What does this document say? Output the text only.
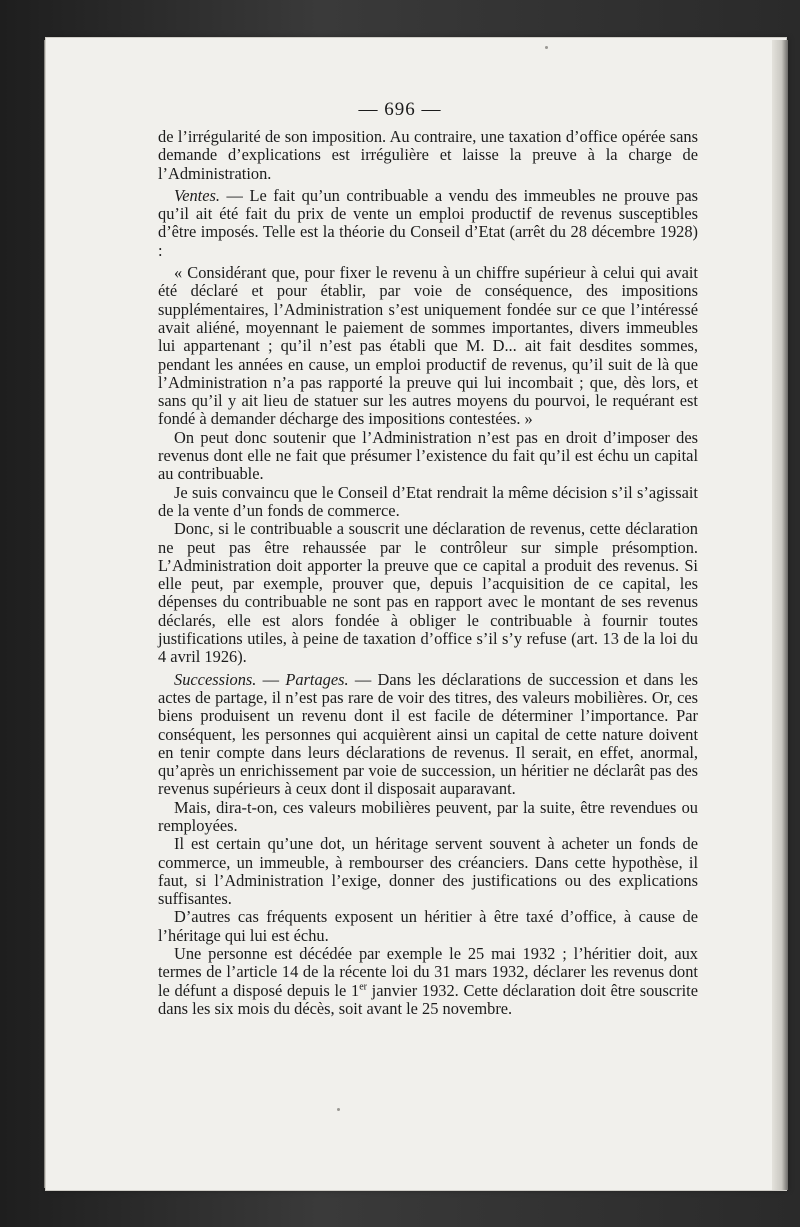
— 696 —

de l’irrégularité de son imposition. Au contraire, une taxation d’office opérée sans demande d’explications est irrégulière et laisse la preuve à la charge de l’Administration.

Ventes. — Le fait qu’un contribuable a vendu des immeubles ne prouve pas qu’il ait été fait du prix de vente un emploi productif de revenus susceptibles d’être imposés. Telle est la théorie du Conseil d’Etat (arrêt du 28 décembre 1928) :

« Considérant que, pour fixer le revenu à un chiffre supérieur à celui qui avait été déclaré et pour établir, par voie de conséquence, des impositions supplémentaires, l’Administration s’est uniquement fondée sur ce que l’intéressé avait aliéné, moyennant le paiement de sommes importantes, divers immeubles lui appartenant ; qu’il n’est pas établi que M. D... ait fait desdites sommes, pendant les années en cause, un emploi productif de revenus, qu’il suit de là que l’Administration n’a pas rapporté la preuve qui lui incombait ; que, dès lors, et sans qu’il y ait lieu de statuer sur les autres moyens du pourvoi, le requérant est fondé à demander décharge des impositions contestées. »

On peut donc soutenir que l’Administration n’est pas en droit d’imposer des revenus dont elle ne fait que présumer l’existence du fait qu’il est échu un capital au contribuable.

Je suis convaincu que le Conseil d’Etat rendrait la même décision s’il s’agissait de la vente d’un fonds de commerce.

Donc, si le contribuable a souscrit une déclaration de revenus, cette déclaration ne peut pas être rehaussée par le contrôleur sur simple présomption. L’Administration doit apporter la preuve que ce capital a produit des revenus. Si elle peut, par exemple, prouver que, depuis l’acquisition de ce capital, les dépenses du contribuable ne sont pas en rapport avec le montant de ses revenus déclarés, elle est alors fondée à obliger le contribuable à fournir toutes justifications utiles, à peine de taxation d’office s’il s’y refuse (art. 13 de la loi du 4 avril 1926).

Successions. — Partages. — Dans les déclarations de succession et dans les actes de partage, il n’est pas rare de voir des titres, des valeurs mobilières. Or, ces biens produisent un revenu dont il est facile de déterminer l’importance. Par conséquent, les personnes qui acquièrent ainsi un capital de cette nature doivent en tenir compte dans leurs déclarations de revenus. Il serait, en effet, anormal, qu’après un enrichissement par voie de succession, un héritier ne déclarât pas des revenus supérieurs à ceux dont il disposait auparavant.

Mais, dira-t-on, ces valeurs mobilières peuvent, par la suite, être revendues ou remployées.

Il est certain qu’une dot, un héritage servent souvent à acheter un fonds de commerce, un immeuble, à rembourser des créanciers. Dans cette hypothèse, il faut, si l’Administration l’exige, donner des justifications ou des explications suffisantes.

D’autres cas fréquents exposent un héritier à être taxé d’office, à cause de l’héritage qui lui est échu.

Une personne est décédée par exemple le 25 mai 1932 ; l’héritier doit, aux termes de l’article 14 de la récente loi du 31 mars 1932, déclarer les revenus dont le défunt a disposé depuis le 1er janvier 1932. Cette déclaration doit être souscrite dans les six mois du décès, soit avant le 25 novembre.
